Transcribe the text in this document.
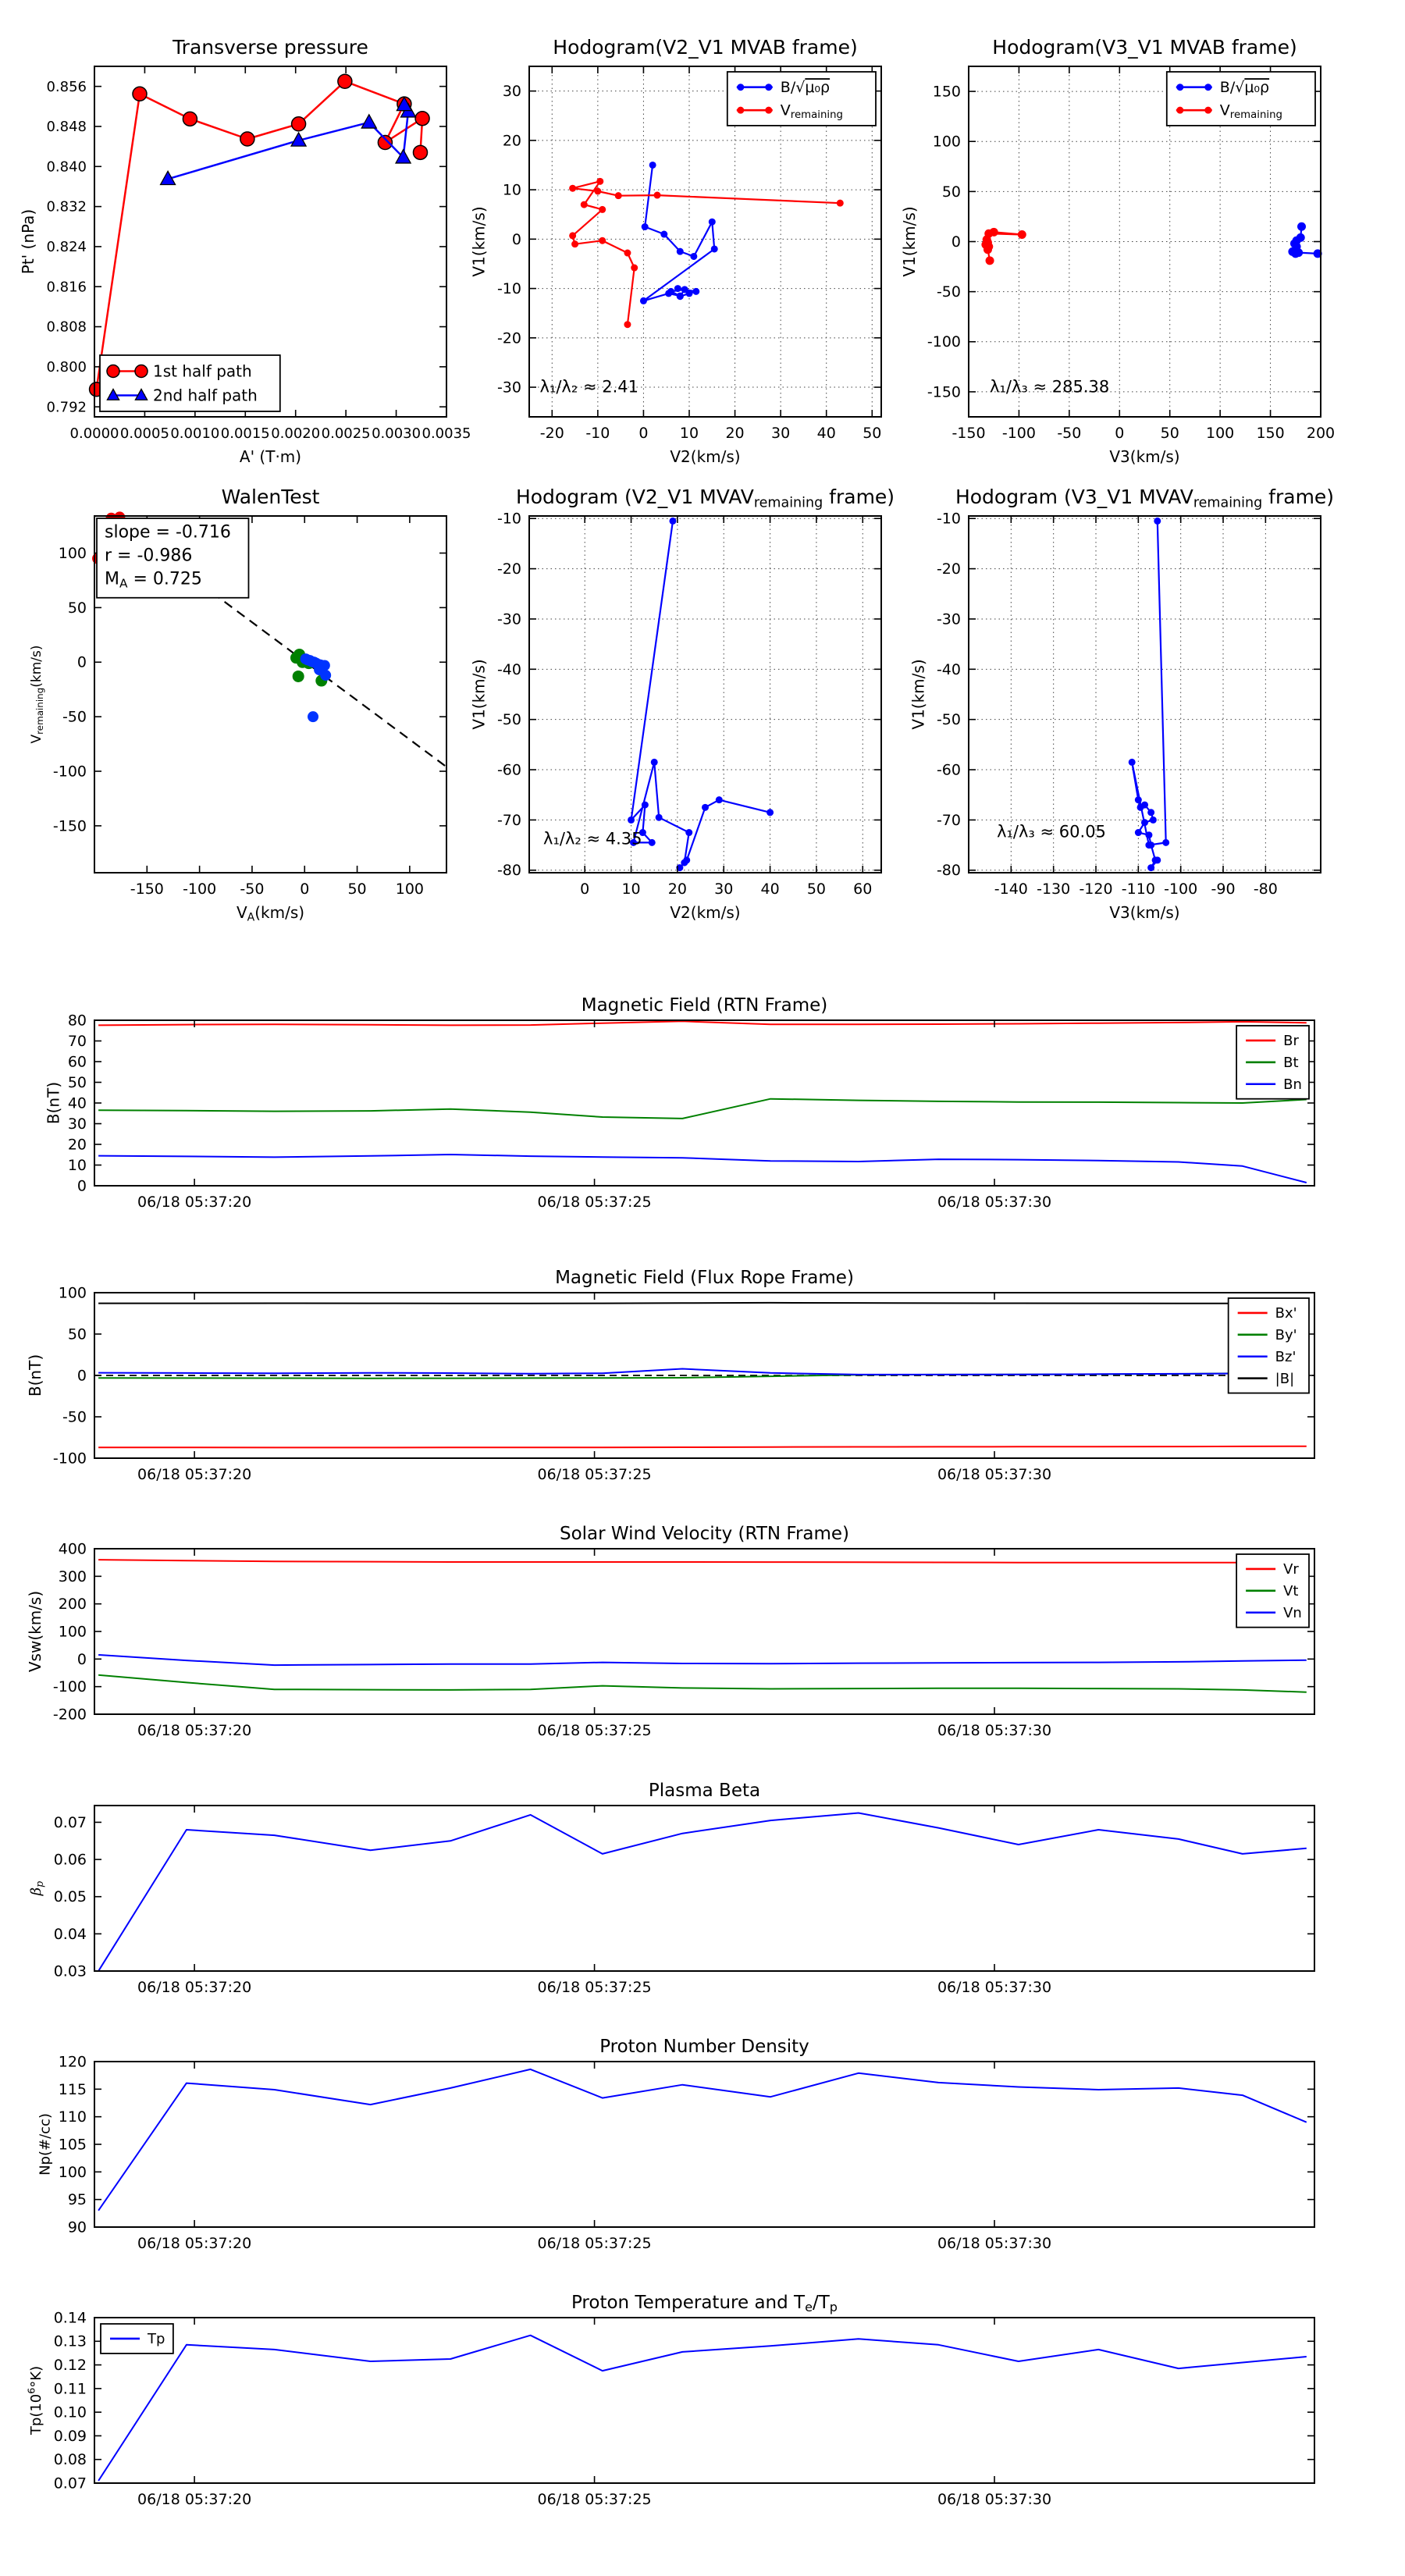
0.0000 0.0005 0.0010 0.0015 0.0020 0.0025 0.0030 0.0035
0.792
0.800
0.808
0.816
0.824
0.832
0.840
0.848
0.856
Transverse pressure
A' (T·m)
Pt' (nPa)
1st half path
2nd half path
-20 -10 0 10 20 30 40 50
-30
-20
-10
0
10
20
30
Hodogram(V2_V1 MVAB frame)
V2(km/s)
V1(km/s)
λ₁/λ₂ ≈ 2.41
B/√μ₀ρ
Vremaining
-150 -100 -50 0 50 100 150 200
-150
-100
-50
0
50
100
150
Hodogram(V3_V1 MVAB frame)
V3(km/s)
V1(km/s)
λ₁/λ₃ ≈ 285.38
B/√μ₀ρ
Vremaining
-150 -100 -50 0	50 100
-150
-100
-50
0
50
100
WalenTest
VA(km/s)
Vremaining(km/s)
slope = -0.716
r = -0.986
MA = 0.725
0 10 20 30 40 50 60
-80
-70
-60
-50
-40
-30
-20
-10
Hodogram (V2_V1 MVAVremaining frame)
V2(km/s)
V1(km/s)
λ₁/λ₂ ≈ 4.35
-140 -130 -120 -110 -100 -90 -80
-80
-70
-60
-50
-40
-30
-20
-10
Hodogram (V3_V1 MVAVremaining frame)
V3(km/s)
V1(km/s)
λ₁/λ₃ ≈ 60.05
06/18 05:37:20	06/18 05:37:25	06/18 05:37:30
0
10
20
30
40
50
60
70
80
Magnetic Field (RTN Frame)
B(nT)
Br
Bt
Bn
06/18 05:37:20	06/18 05:37:25	06/18 05:37:30
-100
-50
0
50
100
Magnetic Field (Flux Rope Frame)
B(nT)
Bx'
By'
Bz'
|B|
06/18 05:37:20	06/18 05:37:25	06/18 05:37:30
-200
-100
0
100
200
300
400
Solar Wind Velocity (RTN Frame)
Vsw(km/s)
Vr
Vt
Vn
06/18 05:37:20	06/18 05:37:25	06/18 05:37:30
0.03
0.04
0.05
0.06
0.07
Plasma Beta
βp
06/18 05:37:20	06/18 05:37:25	06/18 05:37:30
90
95
100
105
110
115
120
Proton Number Density
Np(#/cc)
06/18 05:37:20	06/18 05:37:25	06/18 05:37:30
0.07
0.08
0.09
0.10
0.11
0.12
0.13
0.14
Proton Temperature and Te/Tp
$Tp(10^6^\circ K)$
Tp
